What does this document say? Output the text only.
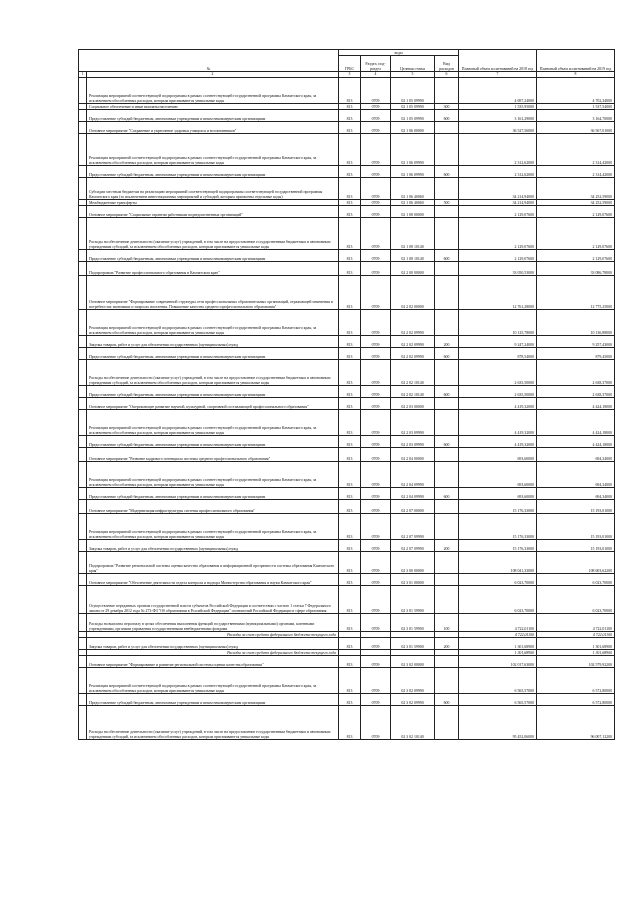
№		коды				Плановый объем ассигнований на 2018 год	Плановый объем ассигнований на 2019 год
		ГРБС	Раздел, под-раздел	Целевая статья	Вид расходов		
1	2	3	4	5	6	7	8
	Реализация мероприятий соответствующей подпрограммы в рамках соответствующей государственной программы Камчатского края, за исключением обособленных расходов, которым присваиваются уникальные коды	813	0709	02 1 05 09990		4 697,24000	4 702,34000
	Социальное обеспечение и иные выплаты населению	813	0709	02 1 05 09990	300	1 535,95000	1 537,54000
	Предоставление субсидий бюджетным, автономным учреждениям и иным некоммерческим организациям	813	0709	02 1 05 09990	600	3 161,29000	3 164,70000
	Основное мероприятие "Сохранение и укрепление здоровья учащихся и воспитанников"	813	0709	02 1 06 00000		36 527,56000	36 567,01000
	Реализация мероприятий соответствующей подпрограммы в рамках соответствующей государственной программы Камчатского края, за исключением обособленных расходов, которым присваиваются уникальные коды	813	0709	02 1 06 09990		2 312,62000	2 314,42000
	Предоставление субсидий бюджетным, автономным учреждениям и иным некоммерческим организациям	813	0709	02 1 06 09990	600	2 312,62000	2 314,42000
	Субсидии местным бюджетам на реализацию мероприятий соответствующей подпрограммы соответствующей государственной программы Камчатского края (за исключением инвестиционных мероприятий и субсидий, которым присвоены отдельные коды)	813	0709	02 1 06 40060		34 214,94000	34 252,59000
	Межбюджетные трансферты	813	0709	02 1 06 40060	500	34 214,94000	34 252,59000
	Основное мероприятие "Социальные гарантии работникам подведомственных организаций"	813	0709	02 1 08 00000		2 129,07600	2 129,07600
	Расходы на обеспечение деятельности (оказание услуг) учреждений, в том числе на предоставление государственным бюджетным и автономным учреждениям субсидий, за исключением обособленных расходов, которым присваиваются уникальные коды	813	0709	02 1 08 10140		2 129,07600	2 129,07600
	Предоставление субсидий бюджетным, автономным учреждениям и иным некоммерческим организациям	813	0709	02 1 08 10140	600	2 129,07600	2 129,07600
	Подпрограмма "Развитие профессионального образования в Камчатском крае"	813	0709	02 2 00 00000		33 050,53000	33 086,78000
	Основное мероприятие "Формирование современной структуры сети профессиональных образовательных организаций, отражающей изменения в потребностях экономики и запросах населения. Повышение качества среднего профессионального образования"	813	0709	02 2 02 00000		12 761,28000	12 775,25000
	Реализация мероприятий соответствующей подпрограммы в рамках соответствующей государственной программы Камчатского края, за исключением обособленных расходов, которым присваиваются уникальные коды	813	0709	02 2 02 09990		10 125,78000	10 136,88000
	Закупка товаров, работ и услуг для обеспечения государственных (муниципальных) нужд	813	0709	02 2 02 09990	200	9 247,24000	9 257,43000
	Предоставление субсидий бюджетным, автономным учреждениям и иным некоммерческим организациям	813	0709	02 2 02 09990	600	878,54000	879,45000
	Расходы на обеспечение деятельности (оказание услуг) учреждений, в том числе на предоставление государственным бюджетным и автономным учреждениям субсидий, за исключением обособленных расходов, которым присваиваются уникальные коды	813	0709	02 2 02 10140		2 635,50000	2 638,37000
	Предоставление субсидий бюджетным, автономным учреждениям и иным некоммерческим организациям	813	0709	02 2 02 10140	600	2 635,50000	2 638,37000
	Основное мероприятие "Опережающее развитие научной, культурной, спортивной составляющей профессионального образования"	813	0709	02 2 03 00000		4 419,32000	4 424,18000
	Реализация мероприятий соответствующей подпрограммы в рамках соответствующей государственной программы Камчатского края, за исключением обособленных расходов, которым присваиваются уникальные коды	813	0709	02 2 03 09990		4 419,32000	4 424,18000
	Предоставление субсидий бюджетным, автономным учреждениям и иным некоммерческим организациям	813	0709	02 2 03 09990	600	4 419,32000	4 424,18000
	Основное мероприятие "Развитие кадрового потенциала системы среднего профессионального образования"	813	0709	02 2 04 00000		693,60000	694,34000
	Реализация мероприятий соответствующей подпрограммы в рамках соответствующей государственной программы Камчатского края, за исключением обособленных расходов, которым присваиваются уникальные коды	813	0709	02 2 04 09990		693,60000	694,34000
	Предоставление субсидий бюджетным, автономным учреждениям и иным некоммерческим организациям	813	0709	02 2 04 09990	600	693,60000	694,34000
	Основное мероприятие "Модернизация инфраструктуры системы профессионального образования"	813	0709	02 2 07 00000		15 176,33000	15 193,01000
	Реализация мероприятий соответствующей подпрограммы в рамках соответствующей государственной программы Камчатского края, за исключением обособленных расходов, которым присваиваются уникальные коды	813	0709	02 2 07 09990		15 176,33000	15 193,01000
	Закупка товаров, работ и услуг для обеспечения государственных (муниципальных) нужд	813	0709	02 2 07 09990	200	15 176,33000	15 193,01000
	Подпрограмма "Развитие региональной системы оценки качества образования и информационной прозрачности системы образования Камчатского края"	813	0709	02 3 00 00000		108 041,33000	108 603,62200
	Основное мероприятие "Обеспечение деятельности отдела контроля и надзора Министерства образования и науки Камчатского края"	813	0709	02 3 01 00000		6 023,70000	6 023,70000
	Осуществление переданных органам государственной власти субъектов Российской Федерации в соответствии с частью 1 статьи 7 Федерального закона от 29 декабря 2012 года № 273-ФЗ "Об образовании в Российской Федерации" полномочий Российской Федерации в сфере образования	813	0709	02 3 01 59900		6 023,70000	6 023,70000
	Расходы на выплаты персоналу в целях обеспечения выполнения функций государственными (муниципальными) органами, казенными учреждениями, органами управления государственными внебюджетными фондами	813	0709	02 3 01 59900	100	4 722,01100	4 722,01100
	Расходы за счет средств федерального бюджета текущего года					4 722,01100	4 722,01100
	Закупка товаров, работ и услуг для обеспечения государственных (муниципальных) нужд	813	0709	02 3 01 59900	200	1 301,68900	1 301,68900
	Расходы за счет средств федерального бюджета текущего года					1 301,68900	1 301,68900
	Основное мероприятие "Формирование и развитие региональной системы оценки качества образования"	813	0709	02 3 02 00000		102 017,63000	102 579,92200
	Реализация мероприятий соответствующей подпрограммы в рамках соответствующей государственной программы Камчатского края, за исключением обособленных расходов, которым присваиваются уникальные коды	813	0709	02 3 02 09990		6 565,57000	6 572,80000
	Предоставление субсидий бюджетным, автономным учреждениям и иным некоммерческим организациям	813	0709	02 3 02 09990	600	6 565,57000	6 572,80000
	Расходы на обеспечение деятельности (оказание услуг) учреждений, в том числе на предоставление государственным бюджетным и автономным учреждениям субсидий, за исключением обособленных расходов, которым присваиваются уникальные коды	813	0709	02 3 02 10140		95 452,06000	96 007,12200
